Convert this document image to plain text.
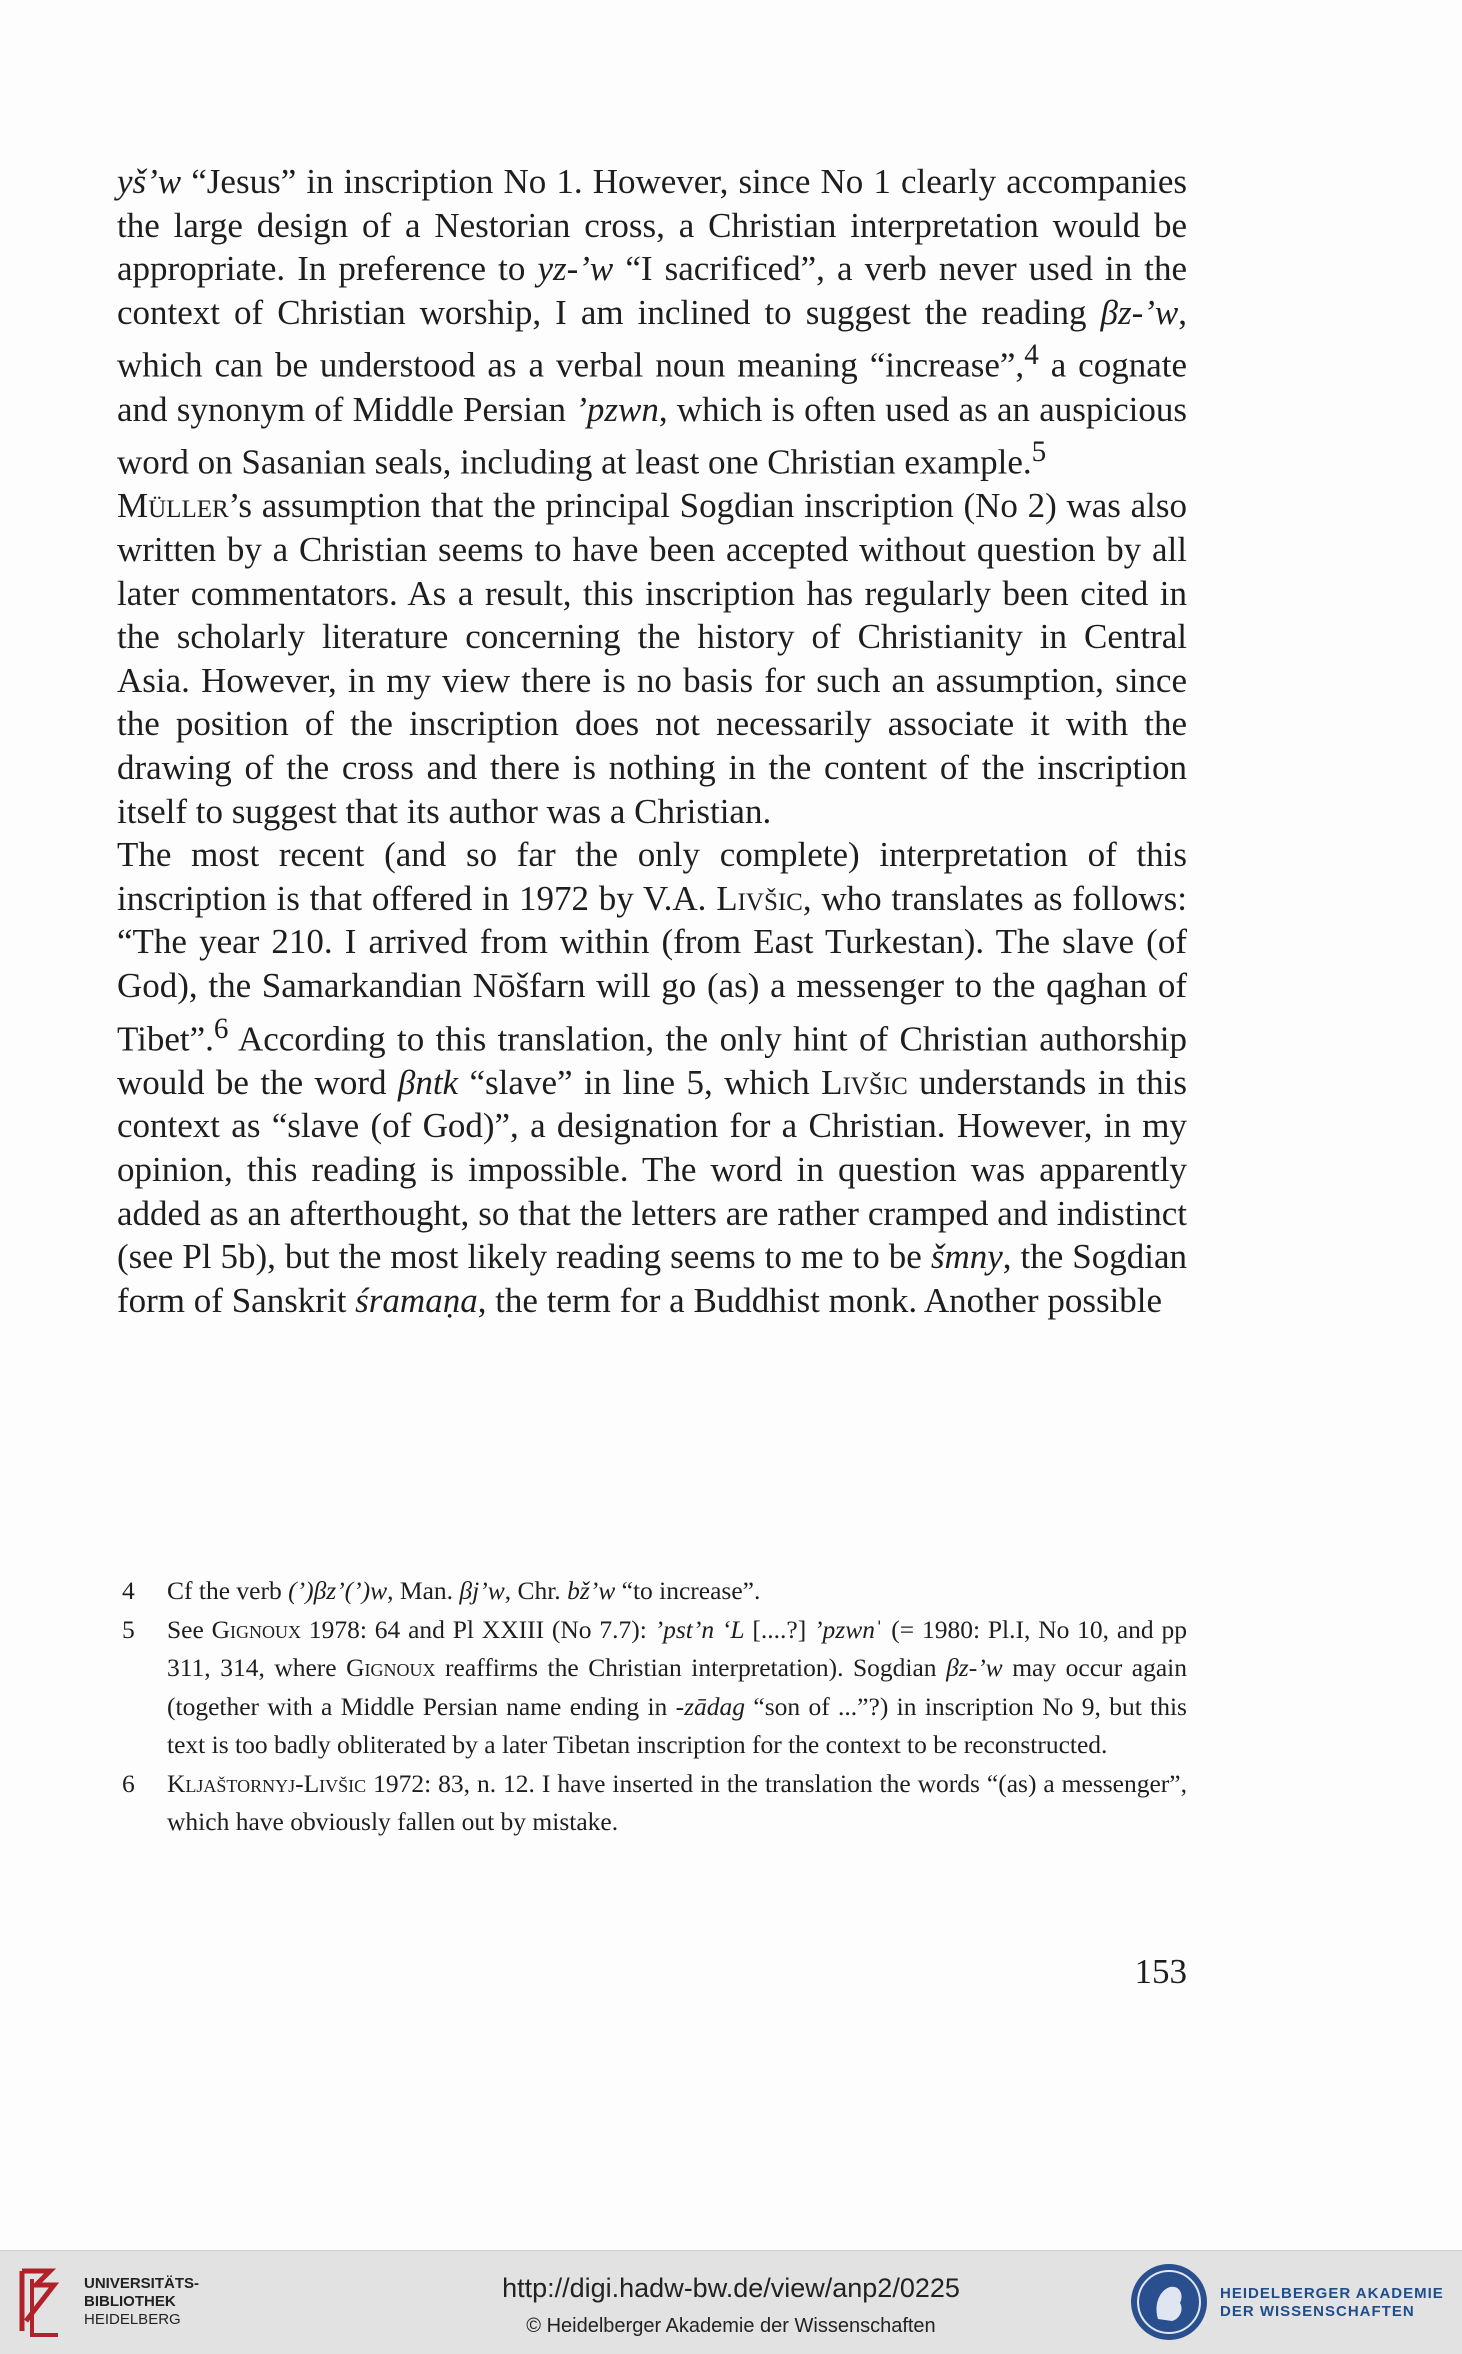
yš’w “Jesus” in inscription No 1. However, since No 1 clearly accompanies the large design of a Nestorian cross, a Christian interpretation would be appropriate. In preference to yz-’w “I sacrificed”, a verb never used in the context of Christian worship, I am inclined to suggest the reading βz-’w, which can be understood as a verbal noun meaning “increase”,$^4$ a cognate and synonym of Middle Persian ’pzwn, which is often used as an auspicious word on Sasanian seals, including at least one Christian example.$^5$

Müller’s assumption that the principal Sogdian inscription (No 2) was also written by a Christian seems to have been accepted without question by all later commentators. As a result, this inscription has regularly been cited in the scholarly literature concerning the history of Christianity in Central Asia. However, in my view there is no basis for such an assumption, since the position of the inscription does not necessarily associate it with the drawing of the cross and there is nothing in the content of the inscription itself to suggest that its author was a Christian.

The most recent (and so far the only complete) interpretation of this inscription is that offered in 1972 by V.A. Livšic, who translates as follows: “The year 210. I arrived from within (from East Turkestan). The slave (of God), the Samarkandian Nōšfarn will go (as) a messenger to the qaghan of Tibet”.$^6$ According to this translation, the only hint of Christian authorship would be the word βntk “slave” in line 5, which Livšic understands in this context as “slave (of God)”, a designation for a Christian. However, in my opinion, this reading is impossible. The word in question was apparently added as an afterthought, so that the letters are rather cramped and indistinct (see Pl 5b), but the most likely reading seems to me to be šmny, the Sogdian form of Sanskrit śramaṇa, the term for a Buddhist monk. Another possible

4 Cf the verb (’)βz’(’)w, Man. βj’w, Chr. bž’w “to increase”.
5 See Gignoux 1978: 64 and Pl XXIII (No 7.7): ’pst’n ‘L [....?] ’pzwnˈ (= 1980: Pl.I, No 10, and pp 311, 314, where Gignoux reaffirms the Christian interpretation). Sogdian βz-’w may occur again (together with a Middle Persian name ending in -zādag “son of ...”?) in inscription No 9, but this text is too badly obliterated by a later Tibetan inscription for the context to be reconstructed.
6 Kljaštornyj-Livšic 1972: 83, n. 12. I have inserted in the translation the words “(as) a messenger”, which have obviously fallen out by mistake.
153
UNIVERSITÄTS-
BIBLIOTHEK
HEIDELBERG
http://digi.hadw-bw.de/view/anp2/0225
© Heidelberger Akademie der Wissenschaften
HEIDELBERGER AKADEMIE
DER WISSENSCHAFTEN
